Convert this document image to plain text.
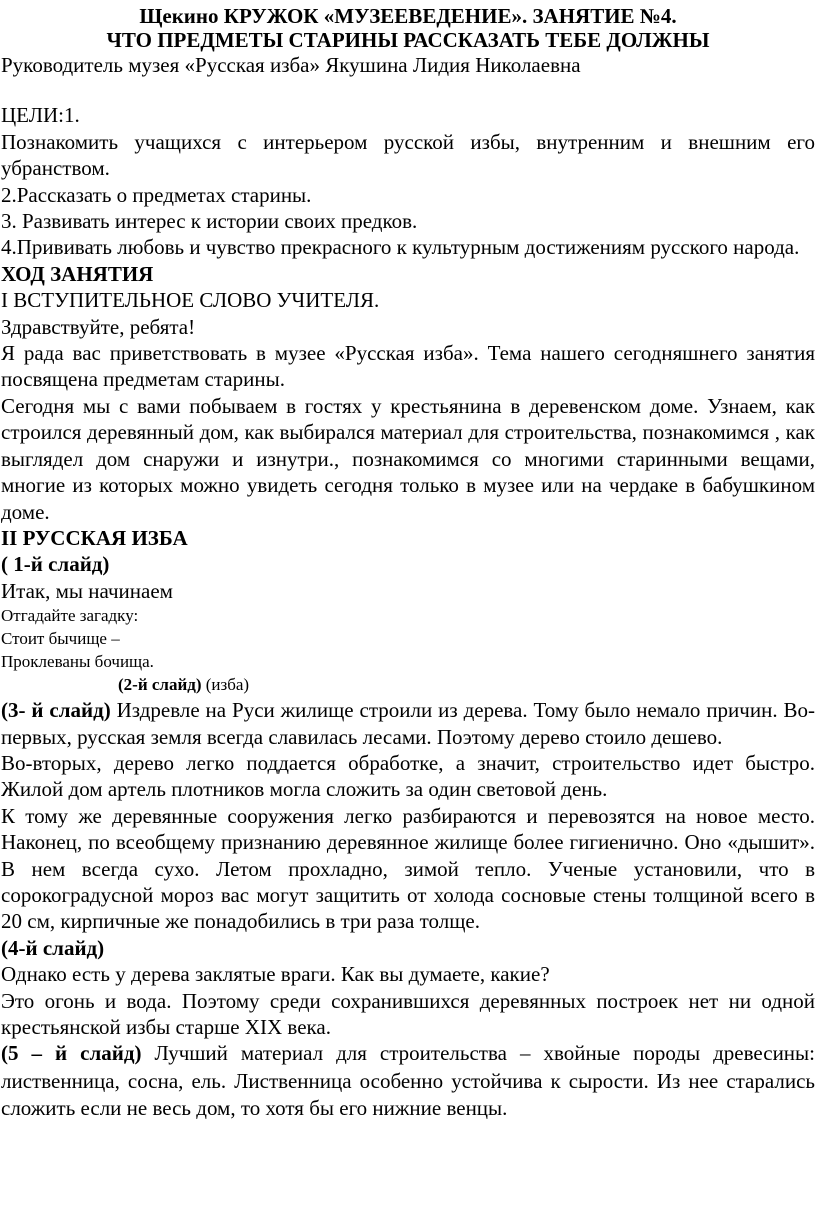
Щекино КРУЖОК «МУЗЕЕВЕДЕНИЕ». ЗАНЯТИЕ №4.

ЧТО ПРЕДМЕТЫ СТАРИНЫ РАССКАЗАТЬ ТЕБЕ ДОЛЖНЫ

Руководитель музея «Русская изба» Якушина Лидия Николаевна

ЦЕЛИ:1.

Познакомить учащихся с интерьером русской избы, внутренним и внешним его убранством.

2.Рассказать о предметах старины.

3. Развивать интерес к истории своих предков.

4.Прививать любовь и чувство прекрасного к культурным достижениям русского народа.

ХОД ЗАНЯТИЯ

I ВСТУПИТЕЛЬНОЕ СЛОВО УЧИТЕЛЯ.

Здравствуйте, ребята!

Я рада вас приветствовать в музее «Русская изба». Тема нашего сегодняшнего занятия посвящена предметам старины.

Сегодня мы с вами побываем в гостях у крестьянина в деревенском доме. Узнаем, как строился деревянный дом, как выбирался материал для строительства, познакомимся , как выглядел дом снаружи и изнутри., познакомимся со многими старинными вещами, многие из которых можно увидеть сегодня только в музее или на чердаке в бабушкином доме.

II РУССКАЯ ИЗБА

( 1-й слайд)

Итак, мы начинаем

Отгадайте загадку:

Стоит бычище –

Проклеваны бочища.

(2-й слайд) (изба)

(3- й слайд) Издревле на Руси жилище строили из дерева. Тому было немало причин. Во-первых, русская земля всегда славилась лесами. Поэтому дерево стоило дешево.

Во-вторых, дерево легко поддается обработке, а значит, строительство идет быстро. Жилой дом артель плотников могла сложить за один световой день.

К тому же деревянные сооружения легко разбираются и перевозятся на новое место. Наконец, по всеобщему признанию деревянное жилище более гигиенично. Оно «дышит». В нем всегда сухо. Летом прохладно, зимой тепло. Ученые установили, что в сорокоградусной мороз вас могут защитить от холода сосновые стены толщиной всего в 20 см, кирпичные же понадобились в три раза толще.

(4-й слайд)

Однако есть у дерева заклятые враги. Как вы думаете, какие?

Это огонь и вода. Поэтому среди сохранившихся деревянных построек нет ни одной крестьянской избы старше XIX века.

(5 – й слайд) Лучший материал для строительства – хвойные породы древесины: лиственница, сосна, ель. Лиственница особенно устойчива к сырости. Из нее старались сложить если не весь дом, то хотя бы его нижние венцы.
